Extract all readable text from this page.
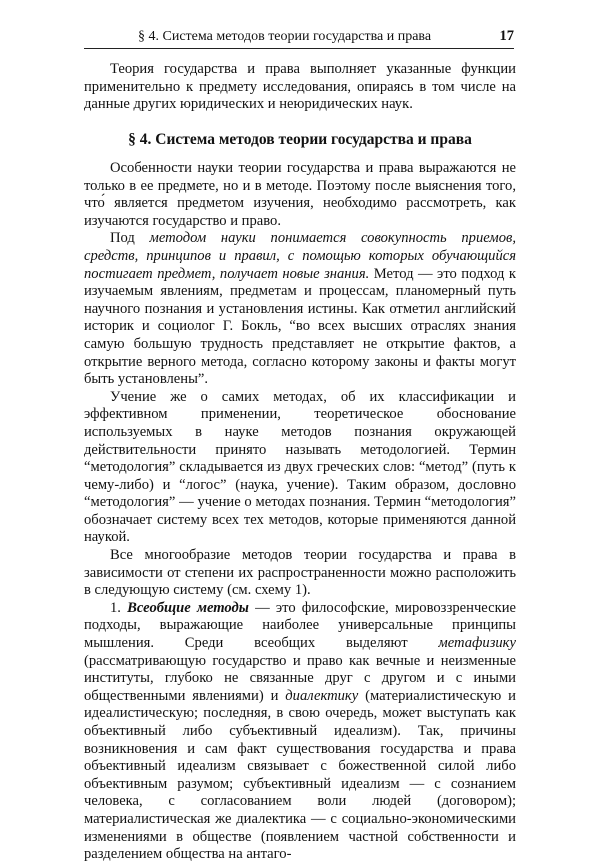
§ 4. Система методов теории государства и права	17

Теория государства и права выполняет указанные функции применительно к предмету исследования, опираясь в том числе на данные других юридических и неюридических наук.

§ 4. Система методов теории государства и права

Особенности науки теории государства и права выражаются не только в ее предмете, но и в методе. Поэтому после выяснения того, что́ является предметом изучения, необходимо рассмотреть, как изучаются государство и право.

Под методом науки понимается совокупность приемов, средств, принципов и правил, с помощью которых обучающийся постигает предмет, получает новые знания. Метод — это подход к изучаемым явлениям, предметам и процессам, планомерный путь научного познания и установления истины. Как отметил английский историк и социолог Г. Бокль, “во всех высших отраслях знания самую большую трудность представляет не открытие фактов, а открытие верного метода, согласно которому законы и факты могут быть установлены”.

Учение же о самих методах, об их классификации и эффективном применении, теоретическое обоснование используемых в науке методов познания окружающей действительности принято называть методологией. Термин “методология” складывается из двух греческих слов: “метод” (путь к чему-либо) и “логос” (наука, учение). Таким образом, дословно “методология” — учение о методах познания. Термин “методология” обозначает систему всех тех методов, которые применяются данной наукой.

Все многообразие методов теории государства и права в зависимости от степени их распространенности можно расположить в следующую систему (см. схему 1).

1. Всеобщие методы — это философские, мировоззренческие подходы, выражающие наиболее универсальные принципы мышления. Среди всеобщих выделяют метафизику (рассматривающую государство и право как вечные и неизменные институты, глубоко не связанные друг с другом и с иными общественными явлениями) и диалектику (материалистическую и идеалистическую; последняя, в свою очередь, может выступать как объективный либо субъективный идеализм). Так, причины возникновения и сам факт существования государства и права объективный идеализм связывает с божественной силой либо объективным разумом; субъективный идеализм — с сознанием человека, с согласованием воли людей (договором); материалистическая же диалектика — с социально-экономическими изменениями в обществе (появлением частной собственности и разделением общества на антаго-
